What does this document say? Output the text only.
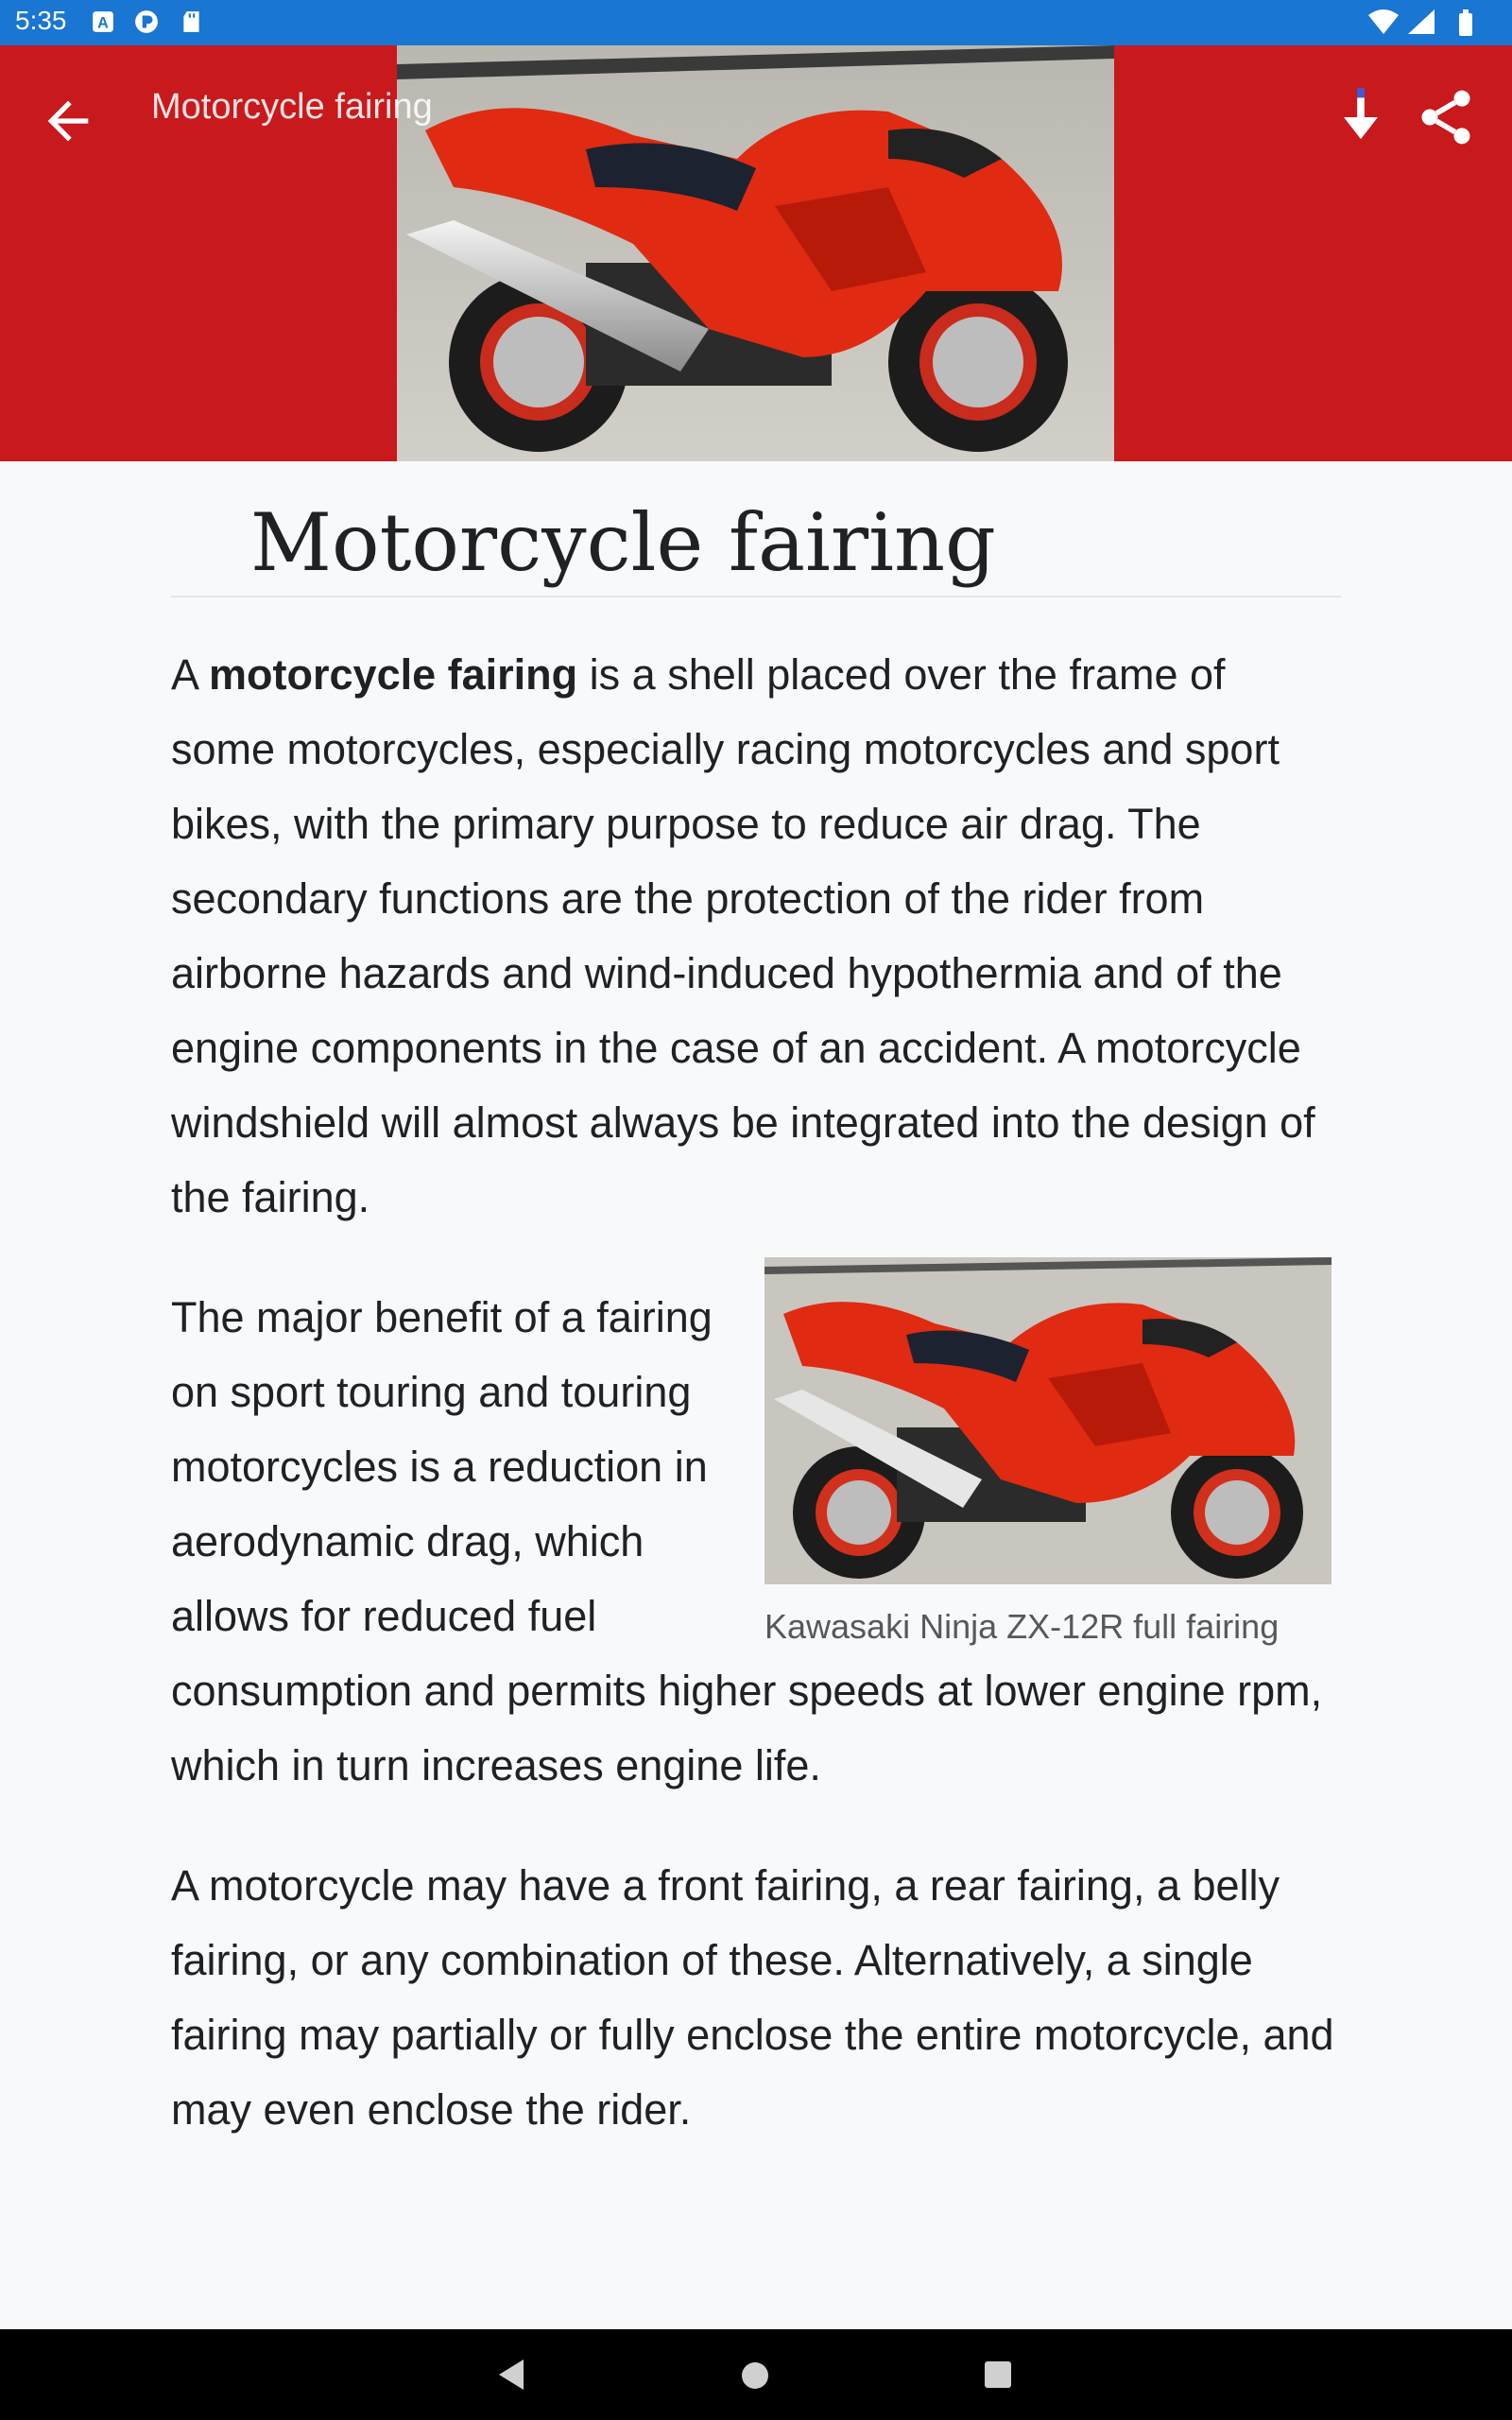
5:35 A
Motorcycle fairing
Motorcycle fairing

A motorcycle fairing is a shell placed over the frame of some motorcycles, especially racing motorcycles and sport bikes, with the primary purpose to reduce air drag. The secondary functions are the protection of the rider from airborne hazards and wind-induced hypothermia and of the engine components in the case of an accident. A motorcycle windshield will almost always be integrated into the design of the fairing.

Kawasaki Ninja ZX-12R full fairing

The major benefit of a fairing on sport touring and touring motorcycles is a reduction in aerodynamic drag, which allows for reduced fuel consumption and permits higher speeds at lower engine rpm, which in turn increases engine life.

A motorcycle may have a front fairing, a rear fairing, a belly fairing, or any combination of these. Alternatively, a single fairing may partially or fully enclose the entire motorcycle, and may even enclose the rider.
